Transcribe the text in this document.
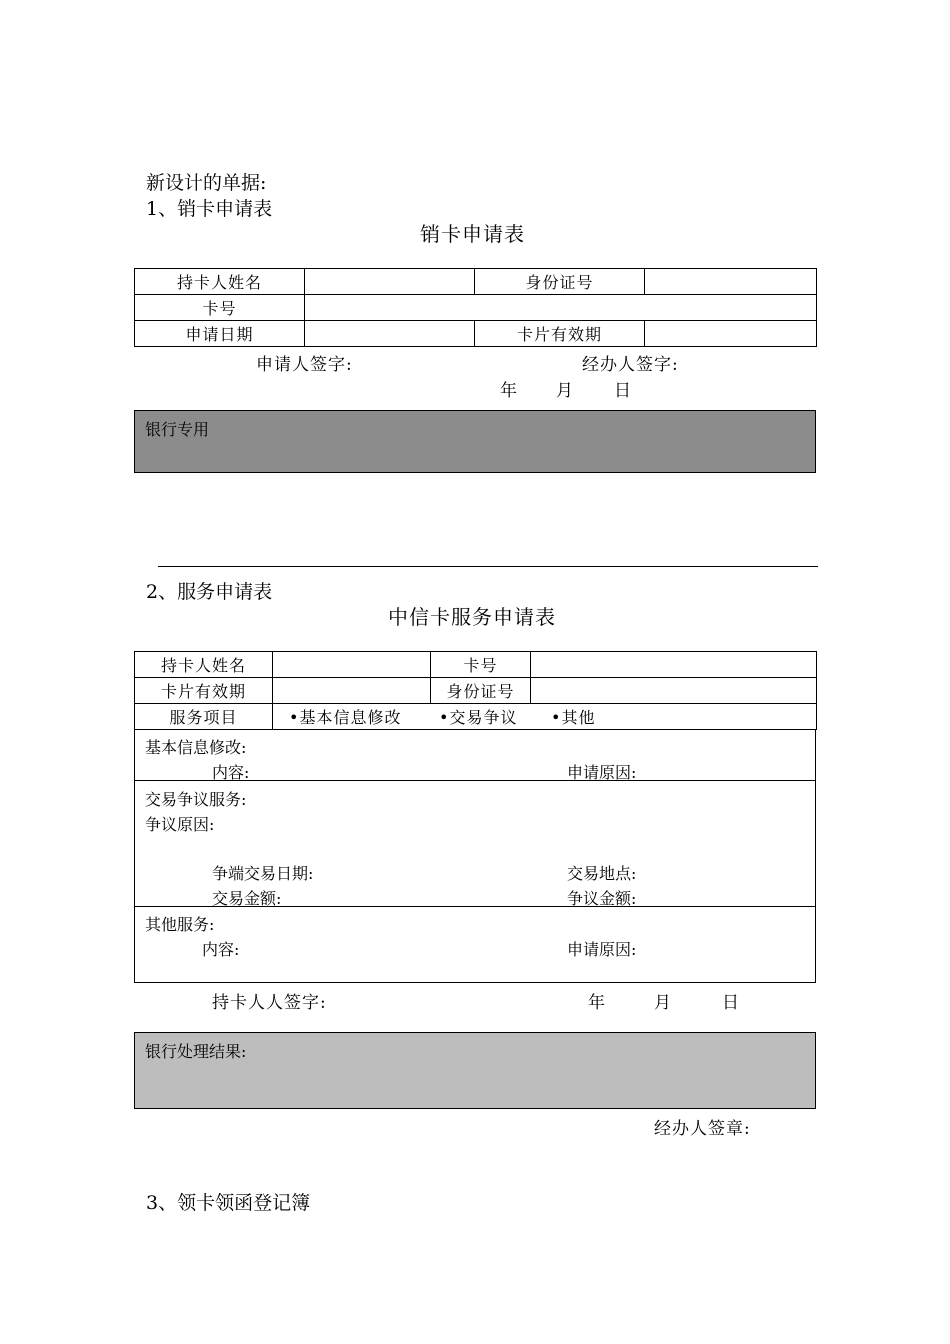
新设计的单据:
1、销卡申请表
销卡申请表
持卡人姓名		身份证号	
卡号			
申请日期		卡片有效期	
申请人签字:	经办人签字:
年 月 日
银行专用
2、服务申请表
中信卡服务申请表
持卡人姓名		卡号	
卡片有效期		身份证号	
服务项目	•基本信息修改 •交易争议 •其他		
基本信息修改:
内容:	申请原因:
交易争议服务:
争议原因:
争端交易日期:	交易地点:
交易金额:	争议金额:
其他服务:
内容:	申请原因:
持卡人人签字:	年	月	日
银行处理结果:
经办人签章:
3、领卡领函登记簿
